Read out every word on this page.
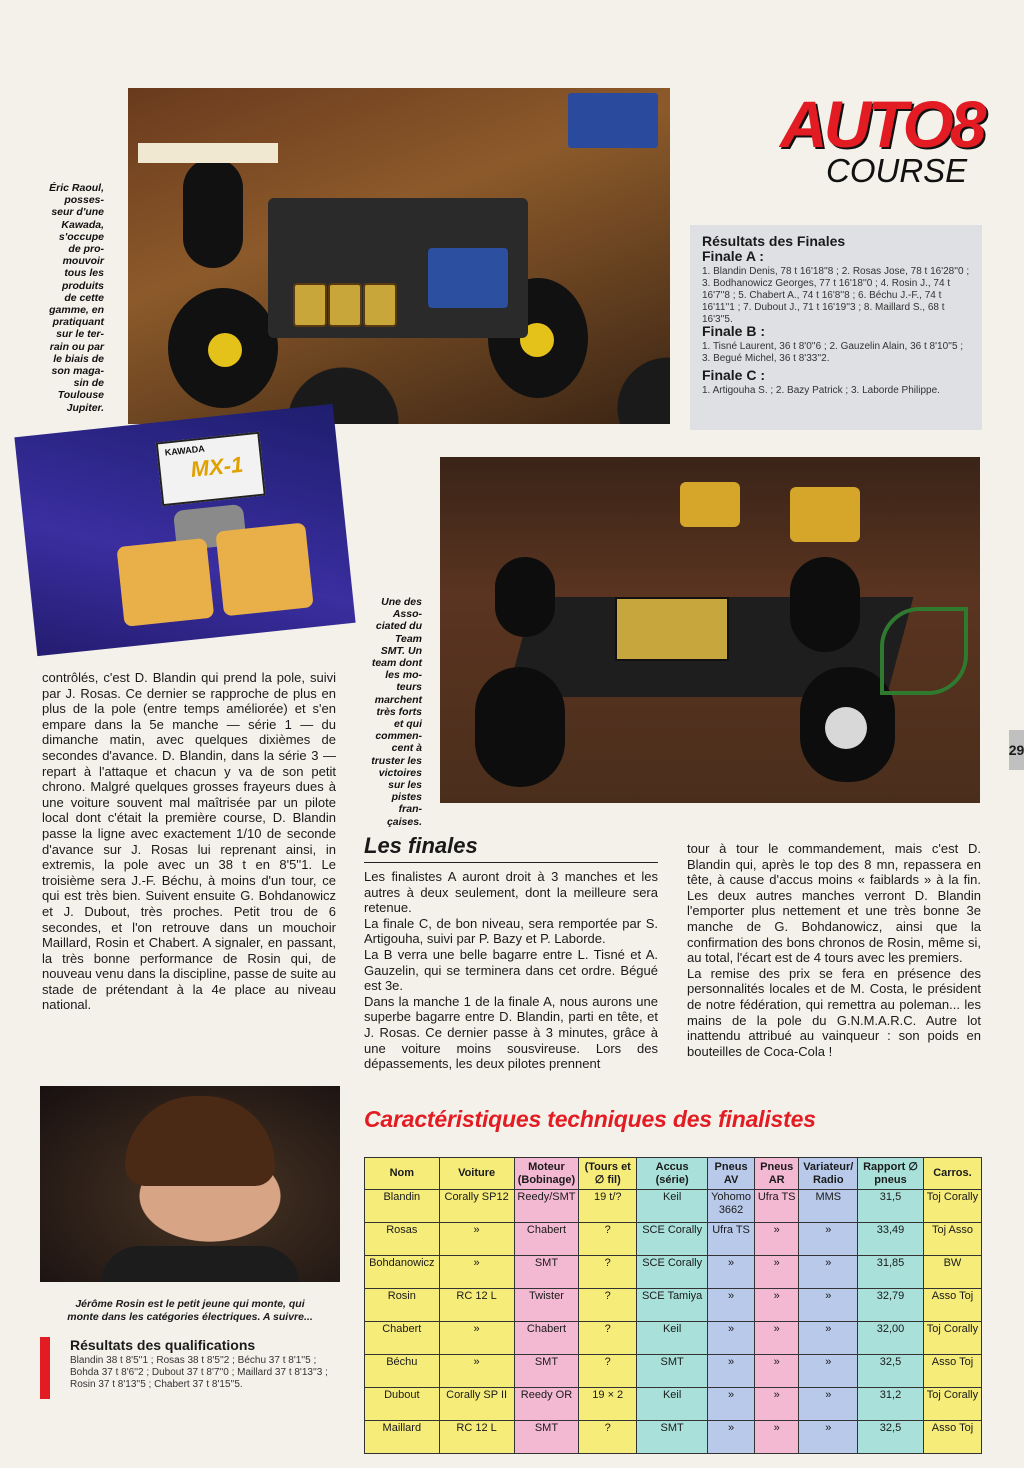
Éric Raoul,
posses-
seur d'une
Kawada,
s'occupe
de pro-
mouvoir
tous les
produits
de cette
gamme, en
pratiquant
sur le ter-
rain ou par
le biais de
son maga-
sin de
Toulouse
Jupiter.
AUTO8
COURSE
Résultats des Finales
Finale A :
1. Blandin Denis, 78 t 16'18''8 ; 2. Rosas Jose, 78 t 16'28''0 ; 3. Bodhanowicz Georges, 77 t 16'18''0 ; 4. Rosin J., 74 t 16'7''8 ; 5. Chabert A., 74 t 16'8''8 ; 6. Béchu J.-F., 74 t 16'11''1 ; 7. Dubout J., 71 t 16'19''3 ; 8. Maillard S., 68 t 16'3''5.
Finale B :
1. Tisné Laurent, 36 t 8'0''6 ; 2. Gauzelin Alain, 36 t 8'10''5 ; 3. Begué Michel, 36 t 8'33''2.
Finale C :
1. Artigouha S. ; 2. Bazy Patrick ; 3. Laborde Philippe.
KAWADA
MX-1
Une des
Asso-
ciated du
Team
SMT. Un
team dont
les mo-
teurs
marchent
très forts
et qui
commen-
cent à
truster les
victoires
sur les
pistes
fran-
çaises.
29

contrôlés, c'est D. Blandin qui prend la pole, suivi par J. Rosas. Ce dernier se rapproche de plus en plus de la pole (entre temps améliorée) et s'en empare dans la 5e manche — série 1 — du dimanche matin, avec quelques dixièmes de secondes d'avance. D. Blandin, dans la série 3 — repart à l'attaque et chacun y va de son petit chrono. Malgré quelques grosses frayeurs dues à une voiture souvent mal maîtrisée par un pilote local dont c'était la première course, D. Blandin passe la ligne avec exactement 1/10 de seconde d'avance sur J. Rosas lui reprenant ainsi, in extremis, la pole avec un 38 t en 8'5''1. Le troisième sera J.-F. Béchu, à moins d'un tour, ce qui est très bien. Suivent ensuite G. Bohdanowicz et J. Dubout, très proches. Petit trou de 6 secondes, et l'on retrouve dans un mouchoir Maillard, Rosin et Chabert. A signaler, en passant, la très bonne performance de Rosin qui, de nouveau venu dans la discipline, passe de suite au stade de prétendant à la 4e place au niveau national.

Les finales

Les finalistes A auront droit à 3 manches et les autres à deux seulement, dont la meilleure sera retenue.

La finale C, de bon niveau, sera remportée par S. Artigouha, suivi par P. Bazy et P. Laborde.

La B verra une belle bagarre entre L. Tisné et A. Gauzelin, qui se terminera dans cet ordre. Bégué est 3e.

Dans la manche 1 de la finale A, nous aurons une superbe bagarre entre D. Blandin, parti en tête, et J. Rosas. Ce dernier passe à 3 minutes, grâce à une voiture moins sousvireuse. Lors des dépassements, les deux pilotes prennent

tour à tour le commandement, mais c'est D. Blandin qui, après le top des 8 mn, repassera en tête, à cause d'accus moins « faiblards » à la fin. Les deux autres manches verront D. Blandin l'emporter plus nettement et une très bonne 3e manche de G. Bohdanowicz, ainsi que la confirmation des bons chronos de Rosin, même si, au total, l'écart est de 4 tours avec les premiers.

La remise des prix se fera en présence des personnalités locales et de M. Costa, le président de notre fédération, qui remettra au poleman... les mains de la pole du G.N.M.A.R.C. Autre lot inattendu attribué au vainqueur : son poids en bouteilles de Coca-Cola !

Jérôme Rosin est le petit jeune qui monte, qui
monte dans les catégories électriques. A suivre...
Résultats des qualifications
Blandin 38 t 8'5''1 ; Rosas 38 t 8'5''2 ; Béchu 37 t 8'1''5 ; Bohda 37 t 8'6''2 ; Dubout 37 t 8'7''0 ; Maillard 37 t 8'13''3 ; Rosin 37 t 8'13''5 ; Chabert 37 t 8'15''5.
Caractéristiques techniques des finalistes
Nom	Voiture	Moteur (Bobinage)	(Tours et ∅ fil)	Accus (série)	Pneus AV	Pneus AR	Variateur/ Radio	Rapport ∅ pneus	Carros.
Blandin	Corally SP12	Reedy/SMT	19 t/?	Keil	Yohomo 3662	Ufra TS	MMS	31,5	Toj Corally
Rosas	»	Chabert	?	SCE Corally	Ufra TS	»	»	33,49	Toj Asso
Bohdanowicz	»	SMT	?	SCE Corally	»	»	»	31,85	BW
Rosin	RC 12 L	Twister	?	SCE Tamiya	»	»	»	32,79	Asso Toj
Chabert	»	Chabert	?	Keil	»	»	»	32,00	Toj Corally
Béchu	»	SMT	?	SMT	»	»	»	32,5	Asso Toj
Dubout	Corally SP II	Reedy OR	19 × 2	Keil	»	»	»	31,2	Toj Corally
Maillard	RC 12 L	SMT	?	SMT	»	»	»	32,5	Asso Toj
